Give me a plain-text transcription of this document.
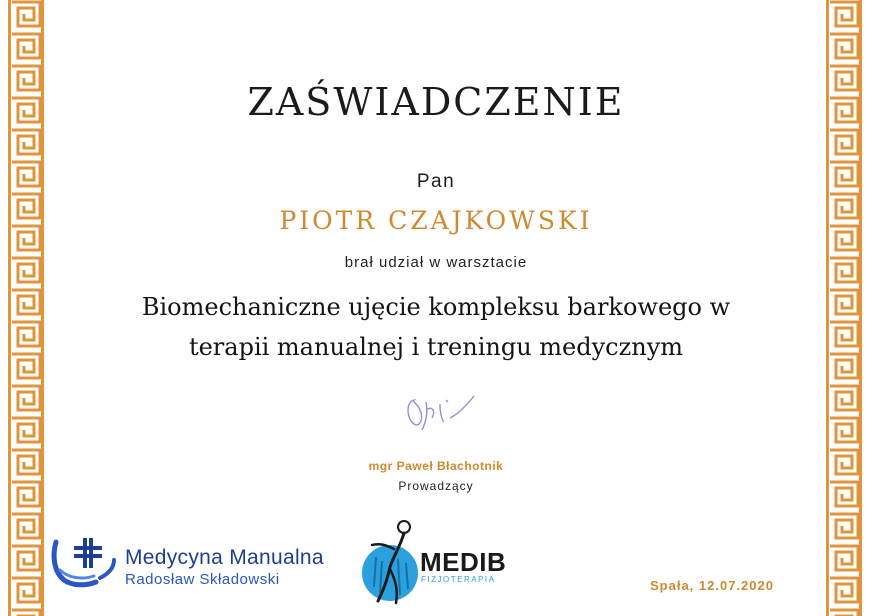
ZAŚWIADCZENIE
Pan
PIOTR CZAJKOWSKI
brał udział w warsztacie
Biomechaniczne ujęcie kompleksu barkowego w
terapii manualnej i treningu medycznym
mgr Paweł Błachotnik
Prowadzący
Medycyna Manualna
Radosław Składowski
MEDIB
FIZJOTERAPIA	Spała, 12.07.2020
